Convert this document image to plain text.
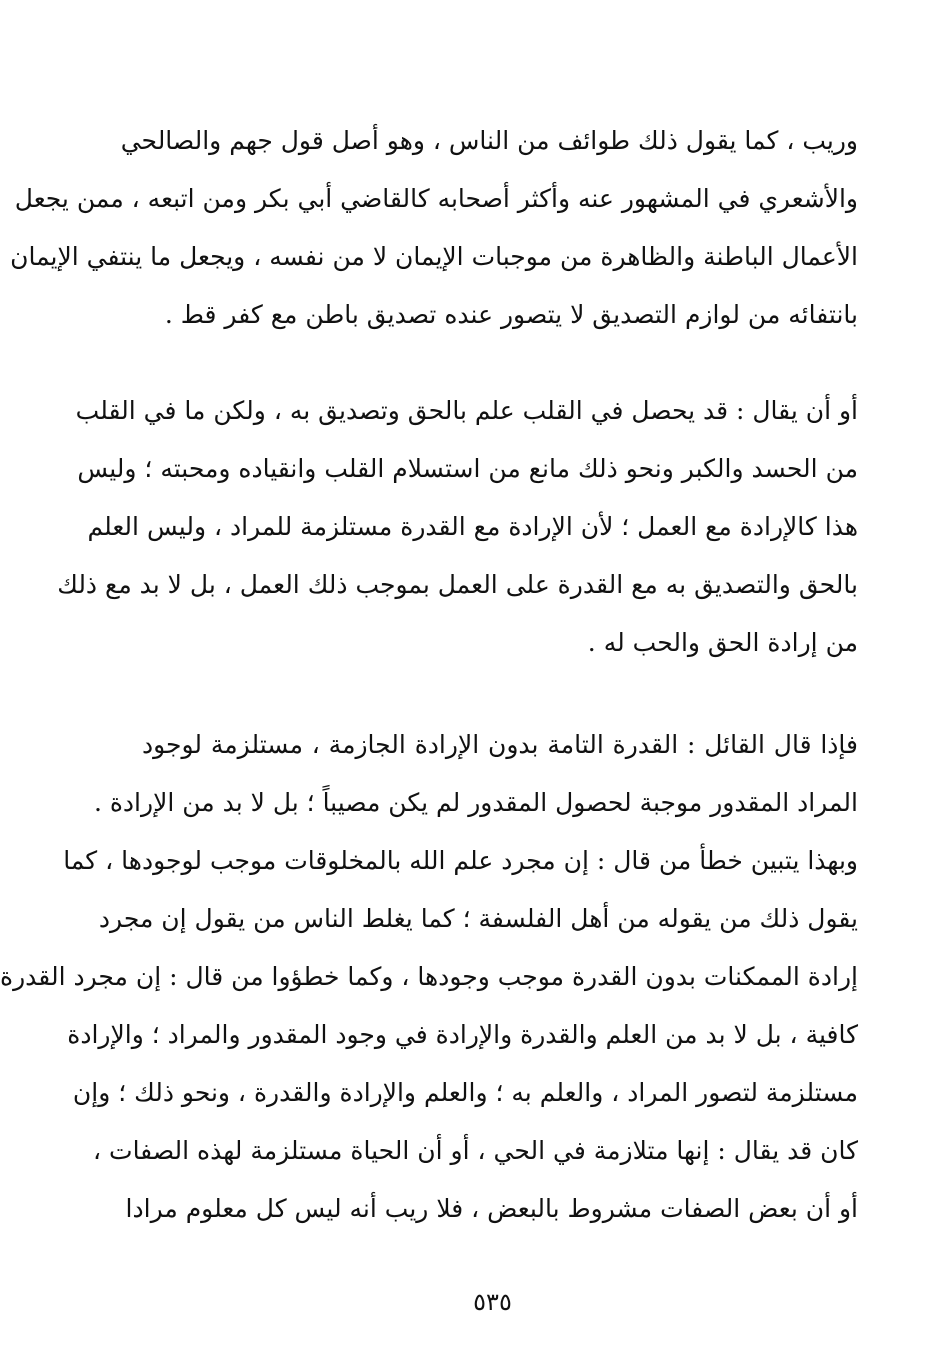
وريب ، كما يقول ذلك طوائف من الناس ، وهو أصل قول جهم والصالحي
والأشعري في المشهور عنه وأكثر أصحابه كالقاضي أبي بكر ومن اتبعه ، ممن يجعل
الأعمال الباطنة والظاهرة من موجبات الإيمان لا من نفسه ، ويجعل ما ينتفي الإيمان
بانتفائه من لوازم التصديق لا يتصور عنده تصديق باطن مع كفر قط .
أو أن يقال : قد يحصل في القلب علم بالحق وتصديق به ، ولكن ما في القلب
من الحسد والكبر ونحو ذلك مانع من استسلام القلب وانقياده ومحبته ؛ وليس
هذا كالإرادة مع العمل ؛ لأن الإرادة مع القدرة مستلزمة للمراد ، وليس العلم
بالحق والتصديق به مع القدرة على العمل بموجب ذلك العمل ، بل لا بد مع ذلك
من إرادة الحق والحب له .
فإذا قال القائل : القدرة التامة بدون الإرادة الجازمة ، مستلزمة لوجود
المراد المقدور موجبة لحصول المقدور لم يكن مصيباً ؛ بل لا بد من الإرادة .
وبهذا يتبين خطأ من قال : إن مجرد علم الله بالمخلوقات موجب لوجودها ، كما
يقول ذلك من يقوله من أهل الفلسفة ؛ كما يغلط الناس من يقول إن مجرد
إرادة الممكنات بدون القدرة موجب وجودها ، وكما خطؤوا من قال : إن مجرد القدرة
كافية ، بل لا بد من العلم والقدرة والإرادة في وجود المقدور والمراد ؛ والإرادة
مستلزمة لتصور المراد ، والعلم به ؛ والعلم والإرادة والقدرة ، ونحو ذلك ؛ وإن
كان قد يقال : إنها متلازمة في الحي ، أو أن الحياة مستلزمة لهذه الصفات ،
أو أن بعض الصفات مشروط بالبعض ، فلا ريب أنه ليس كل معلوم مرادا
٥٣٥
